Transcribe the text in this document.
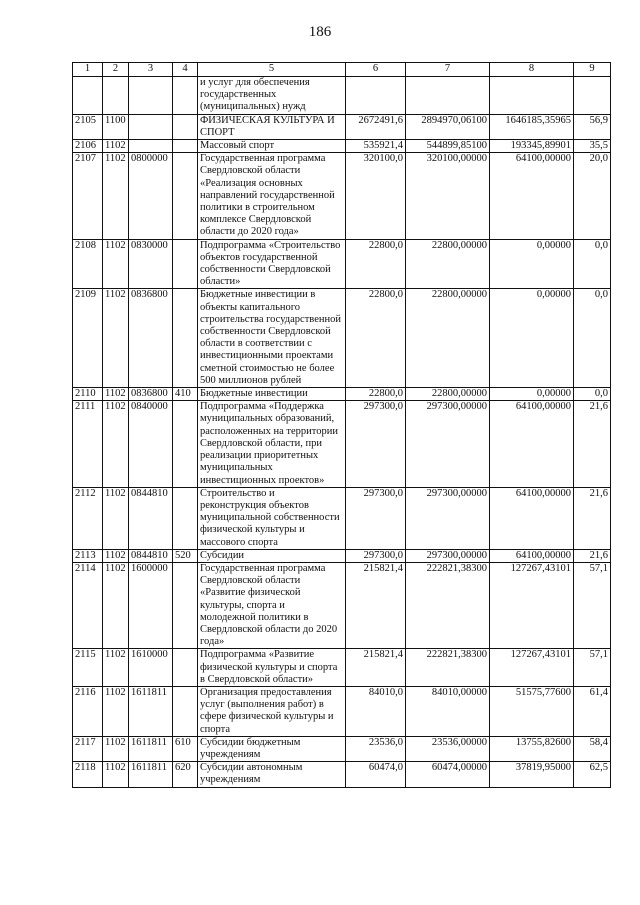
186
1	2	3	4	5	6	7	8	9
				и услуг для обеспечения государственных (муниципальных) нужд				
2105	1100			ФИЗИЧЕСКАЯ КУЛЬТУРА И СПОРТ	2672491,6	2894970,06100	1646185,35965	56,9
2106	1102			Массовый спорт	535921,4	544899,85100	193345,89901	35,5
2107	1102	0800000		Государственная программа Свердловской области «Реализация основных направлений государственной политики в строительном комплексе Свердловской области до 2020 года»	320100,0	320100,00000	64100,00000	20,0
2108	1102	0830000		Подпрограмма «Строительство объектов государственной собственности Свердловской области»	22800,0	22800,00000	0,00000	0,0
2109	1102	0836800		Бюджетные инвестиции в объекты капитального строительства государственной собственности Свердловской области в соответствии с инвестиционными проектами сметной стоимостью не более 500 миллионов рублей	22800,0	22800,00000	0,00000	0,0
2110	1102	0836800	410	Бюджетные инвестиции	22800,0	22800,00000	0,00000	0,0
2111	1102	0840000		Подпрограмма «Поддержка муниципальных образований, расположенных на территории Свердловской области, при реализации приоритетных муниципальных инвестиционных проектов»	297300,0	297300,00000	64100,00000	21,6
2112	1102	0844810		Строительство и реконструкция объектов муниципальной собственности физической культуры и массового спорта	297300,0	297300,00000	64100,00000	21,6
2113	1102	0844810	520	Субсидии	297300,0	297300,00000	64100,00000	21,6
2114	1102	1600000		Государственная программа Свердловской области «Развитие физической культуры, спорта и молодежной политики в Свердловской области до 2020 года»	215821,4	222821,38300	127267,43101	57,1
2115	1102	1610000		Подпрограмма «Развитие физической культуры и спорта в Свердловской области»	215821,4	222821,38300	127267,43101	57,1
2116	1102	1611811		Организация предоставления услуг (выполнения работ) в сфере физической культуры и спорта	84010,0	84010,00000	51575,77600	61,4
2117	1102	1611811	610	Субсидии бюджетным учреждениям	23536,0	23536,00000	13755,82600	58,4
2118	1102	1611811	620	Субсидии автономным учреждениям	60474,0	60474,00000	37819,95000	62,5
